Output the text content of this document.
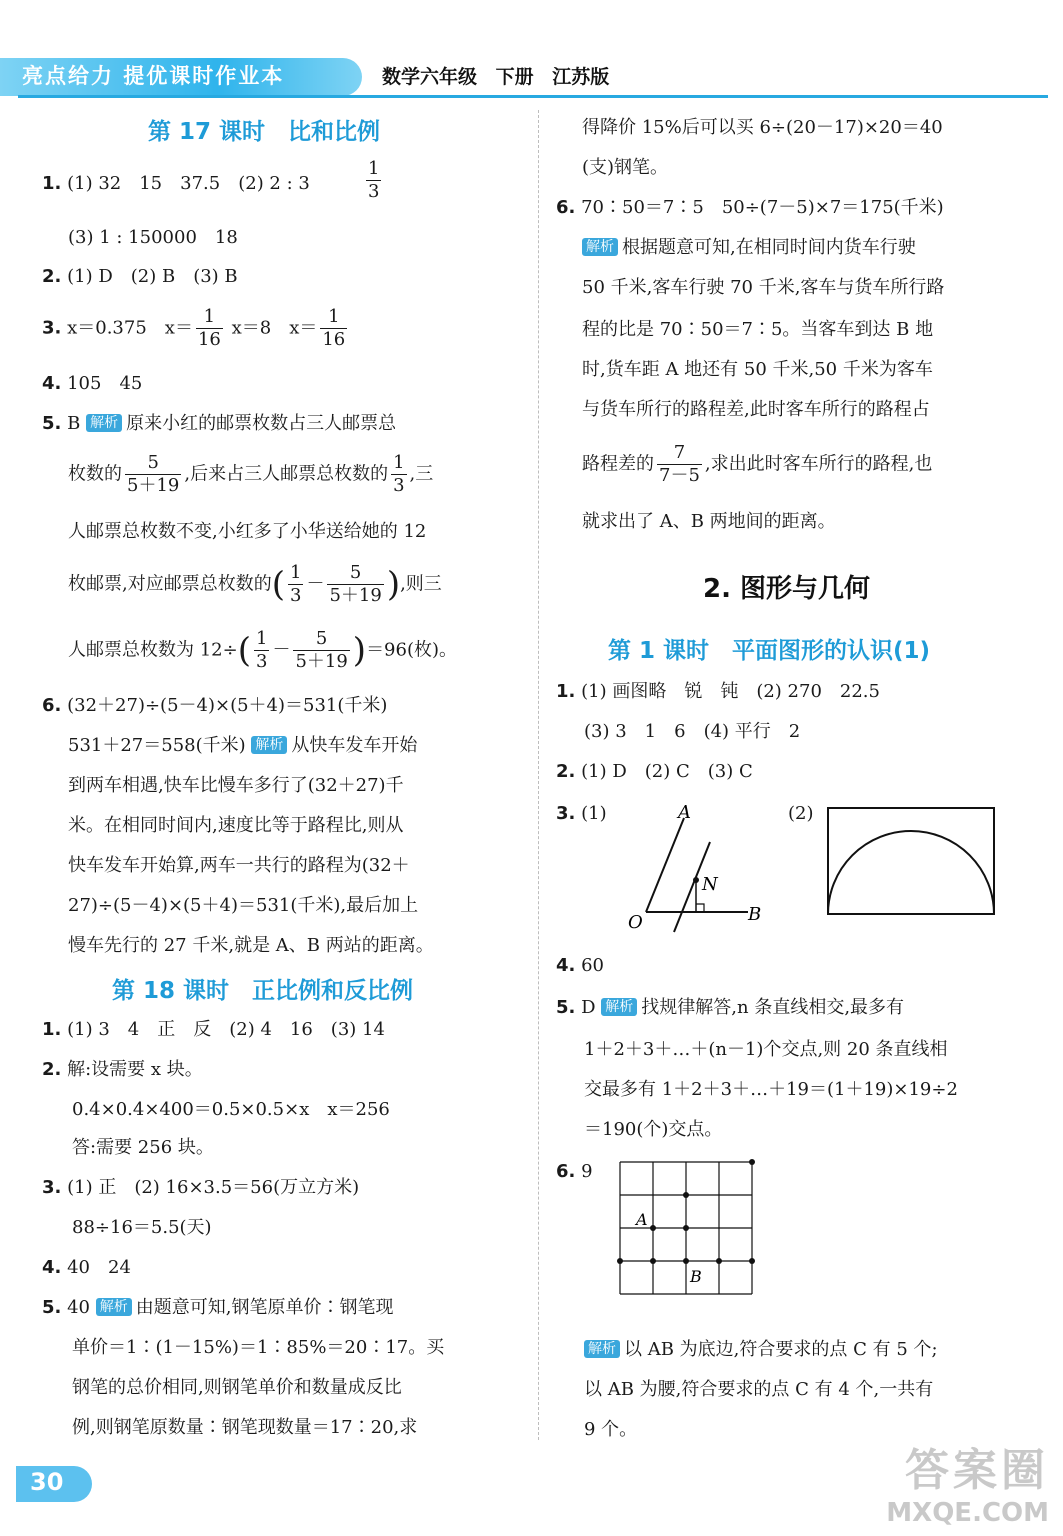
亮点给力 提优课时作业本	数学六年级 下册 江苏版
第 17 课时　比和比例
1. (1) 32　15　37.5　(2) 2 : 3	$\frac{1}{3}$
(3) 1 : 150000　18
2. (1) D　(2) B　(3) B
3. x＝0.375　$x= \frac{1}{16} x=8$　$x= \frac{1}{16}$
4. 105　45
5. B 解析 原来小红的邮票枚数占三人邮票总
枚数的 $\frac{5}{5+19}$ ,后来占三人邮票总枚数的 $\frac{1}{3}$ ,三
人邮票总枚数不变,小红多了小华送给她的 12
枚邮票,对应邮票总枚数的( $\frac{1}{3} - \frac{5}{5+19}$ ),则三
人邮票总枚数为 $12\div( \frac{1}{3} - \frac{5}{5+19} )=96$(枚)。
6. (32＋27)÷(5－4)×(5＋4)＝531(千米)
531＋27＝558(千米) 解析 从快车发车开始
到两车相遇,快车比慢车多行了(32＋27)千
米。在相同时间内,速度比等于路程比,则从
快车发车开始算,两车一共行的路程为(32＋
27)÷(5－4)×(5＋4)＝531(千米),最后加上
慢车先行的 27 千米,就是 A、B 两站的距离。
第 18 课时　正比例和反比例
1. (1) 3　4　正　反　(2) 4　16　(3) 14
2. 解:设需要 x 块。
0.4×0.4×400＝0.5×0.5×x　x＝256
答:需要 256 块。
3. (1) 正　(2) 16×3.5＝56(万立方米)
88÷16＝5.5(天)
4. 40　24
5. 40 解析 由题意可知,钢笔原单价∶钢笔现
单价＝1∶(1－15%)＝1∶85%＝20∶17。买
钢笔的总价相同,则钢笔单价和数量成反比
例,则钢笔原数量∶钢笔现数量＝17∶20,求
得降价 15%后可以买 6÷(20－17)×20＝40
(支)钢笔。
6. 70∶50＝7∶5　50÷(7－5)×7＝175(千米)
解析 根据题意可知,在相同时间内货车行驶
50 千米,客车行驶 70 千米,客车与货车所行路
程的比是 70∶50＝7∶5。当客车到达 B 地
时,货车距 A 地还有 50 千米,50 千米为客车
与货车所行的路程差,此时客车所行的路程占
路程差的 $\frac{7}{7-5}$ ,求出此时客车所行的路程,也
就求出了 A、B 两地间的距离。
2. 图形与几何
第 1 课时　平面图形的认识(1)
1. (1) 画图略　锐　钝　(2) 270　22.5
(3) 3　1　6　(4) 平行　2
2. (1) D　(2) C　(3) C
3. (1)	(2)
A
N
O	B
4. 60
5. D 解析 找规律解答,n 条直线相交,最多有
1＋2＋3＋…＋(n－1)个交点,则 20 条直线相
交最多有 1＋2＋3＋…＋19＝(1＋19)×19÷2
＝190(个)交点。
6. 9
A
B
解析 以 AB 为底边,符合要求的点 C 有 5 个;
以 AB 为腰,符合要求的点 C 有 4 个,一共有
9 个。
30	答案圈
MXQE.COM
